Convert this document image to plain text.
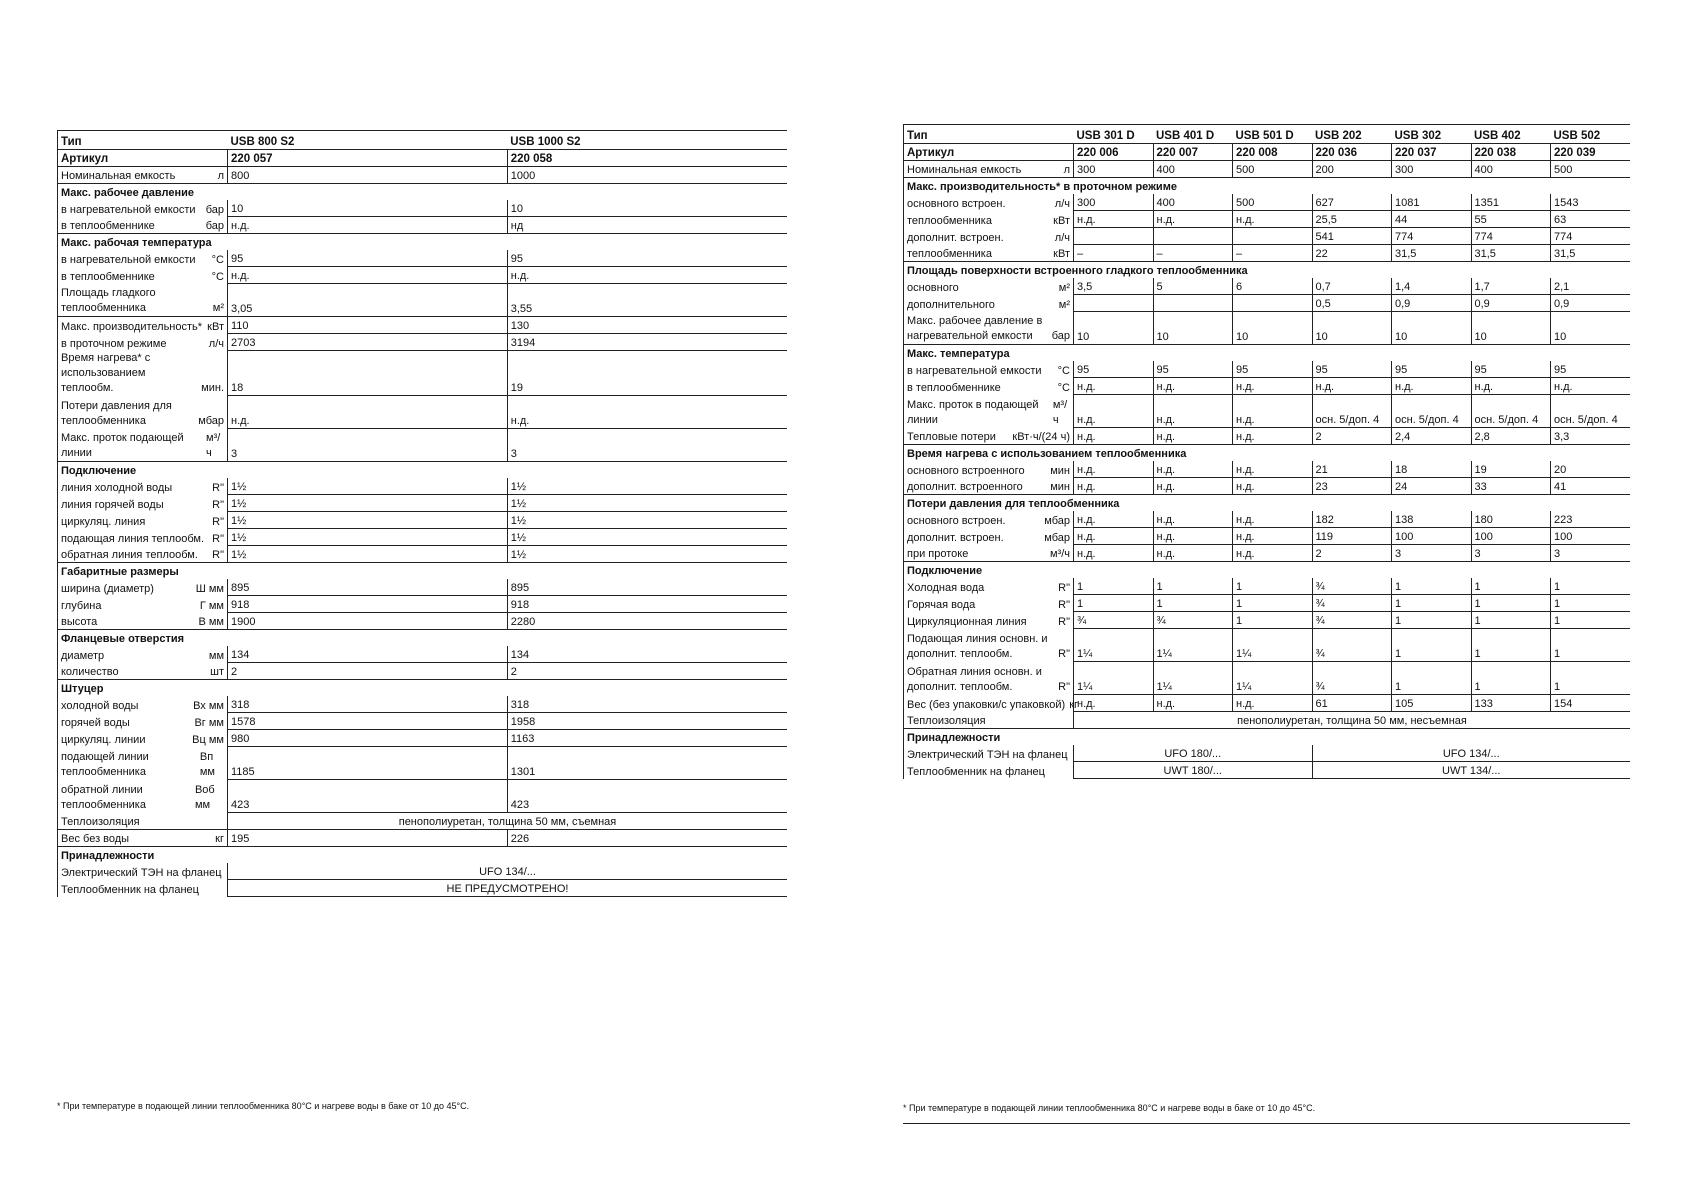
Тип	USB 800 S2	USB 1000 S2
Артикул	220 057	220 058

Номинальная емкость л	800	1000
Макс. рабочее давление		

в нагревательной емкости бар	10	10

в теплообменнике бар	н.д.	нд
Макс. рабочая температура		

в нагревательной емкости °C	95	95

в теплообменнике °C	н.д.	н.д.

Площадь гладкого теплообменника м²	3,05	3,55

Макс. производительность* кВт	110	130

в проточном режиме л/ч	2703	3194

Время нагрева* с использованием теплообм. мин.	18	19

Потери давления для теплообменника мбар	н.д.	н.д.

Макс. проток подающей линии
м³/ч	3	3
Подключение		

линия холодной воды R"	1½	1½

линия горячей воды R"	1½	1½

циркуляц. линия R"	1½	1½

подающая линия теплообм. R"	1½	1½

обратная линия теплообм. R"	1½	1½
Габаритные размеры		

ширина (диаметр) Ш мм	895	895

глубина Г мм	918	918

высота В мм	1900	2280
Фланцевые отверстия		

диаметр мм	134	134

количество шт	2	2
Штуцер		

холодной воды Вх мм	318	318

горячей воды Вг мм	1578	1958

циркуляц. линии Вц мм	980	1163

подающей линии теплообменника
Вп мм	1185	1301

обратной линии теплообменника
Воб мм	423	423

Теплоизоляция	пенополиуретан, толщина 50 мм, съемная	

Вес без воды кг	195	226
Принадлежности		

Электрический ТЭН на фланец	UFO 134/...	

Теплообменник на фланец	НЕ ПРЕДУСМОТРЕНО!	
* При температуре в подающей линии теплообменника 80°C и нагреве воды в баке от 10 до 45°C.
Тип	USB 301 D	USB 401 D	USB 501 D	USB 202	USB 302	USB 402	USB 502
Артикул	220 006	220 007	220 008	220 036	220 037	220 038	220 039

Номинальная емкость л	300	400	500	200	300	400	500
Макс. производительность* в проточном режиме							

основного встроен. л/ч	300	400	500	627	1081	1351	1543

теплообменника кВт	н.д.	н.д.	н.д.	25,5	44	55	63

дополнит. встроен. л/ч				541	774	774	774

теплообменника кВт	–	–	–	22	31,5	31,5	31,5
Площадь поверхности встроенного гладкого теплообменника							

основного м²	3,5	5	6	0,7	1,4	1,7	2,1

дополнительного м²				0,5	0,9	0,9	0,9

Макс. рабочее давление в нагревательной емкости бар	10	10	10	10	10	10	10
Макс. температура							

в нагревательной емкости °C	95	95	95	95	95	95	95

в теплообменнике °C	н.д.	н.д.	н.д.	н.д.	н.д.	н.д.	н.д.

Макс. проток в подающей линии
м³/ч	н.д.	н.д.	н.д.	осн. 5/доп. 4	осн. 5/доп. 4	осн. 5/доп. 4	осн. 5/доп. 4

Тепловые потери кВт·ч/(24 ч)	н.д.	н.д.	н.д.	2	2,4	2,8	3,3
Время нагрева с использованием теплообменника							

основного встроенного мин	н.д.	н.д.	н.д.	21	18	19	20

дополнит. встроенного мин	н.д.	н.д.	н.д.	23	24	33	41
Потери давления для теплообменника							

основного встроен. мбар	н.д.	н.д.	н.д.	182	138	180	223

дополнит. встроен. мбар	н.д.	н.д.	н.д.	119	100	100	100

при протоке м³/ч	н.д.	н.д.	н.д.	2	3	3	3
Подключение							

Холодная вода R"	1	1	1	¾	1	1	1

Горячая вода R"	1	1	1	¾	1	1	1

Циркуляционная линия R"	¾	¾	1	¾	1	1	1

Подающая линия основн. и дополнит. теплообм. R"	1¼	1¼	1¼	¾	1	1	1

Обратная линия основн. и дополнит. теплообм. R"	1¼	1¼	1¼	¾	1	1	1

Вес (без упаковки/с упаковкой) кг	н.д.	н.д.	н.д.	61	105	133	154

Теплоизоляция	пенополиуретан, толщина 50 мм, несъемная						
Принадлежности							

Электрический ТЭН на фланец	UFO 180/...			UFO 134/...			

Теплообменник на фланец	UWT 180/...			UWT 134/...			
* При температуре в подающей линии теплообменника 80°C и нагреве воды в баке от 10 до 45°C.
